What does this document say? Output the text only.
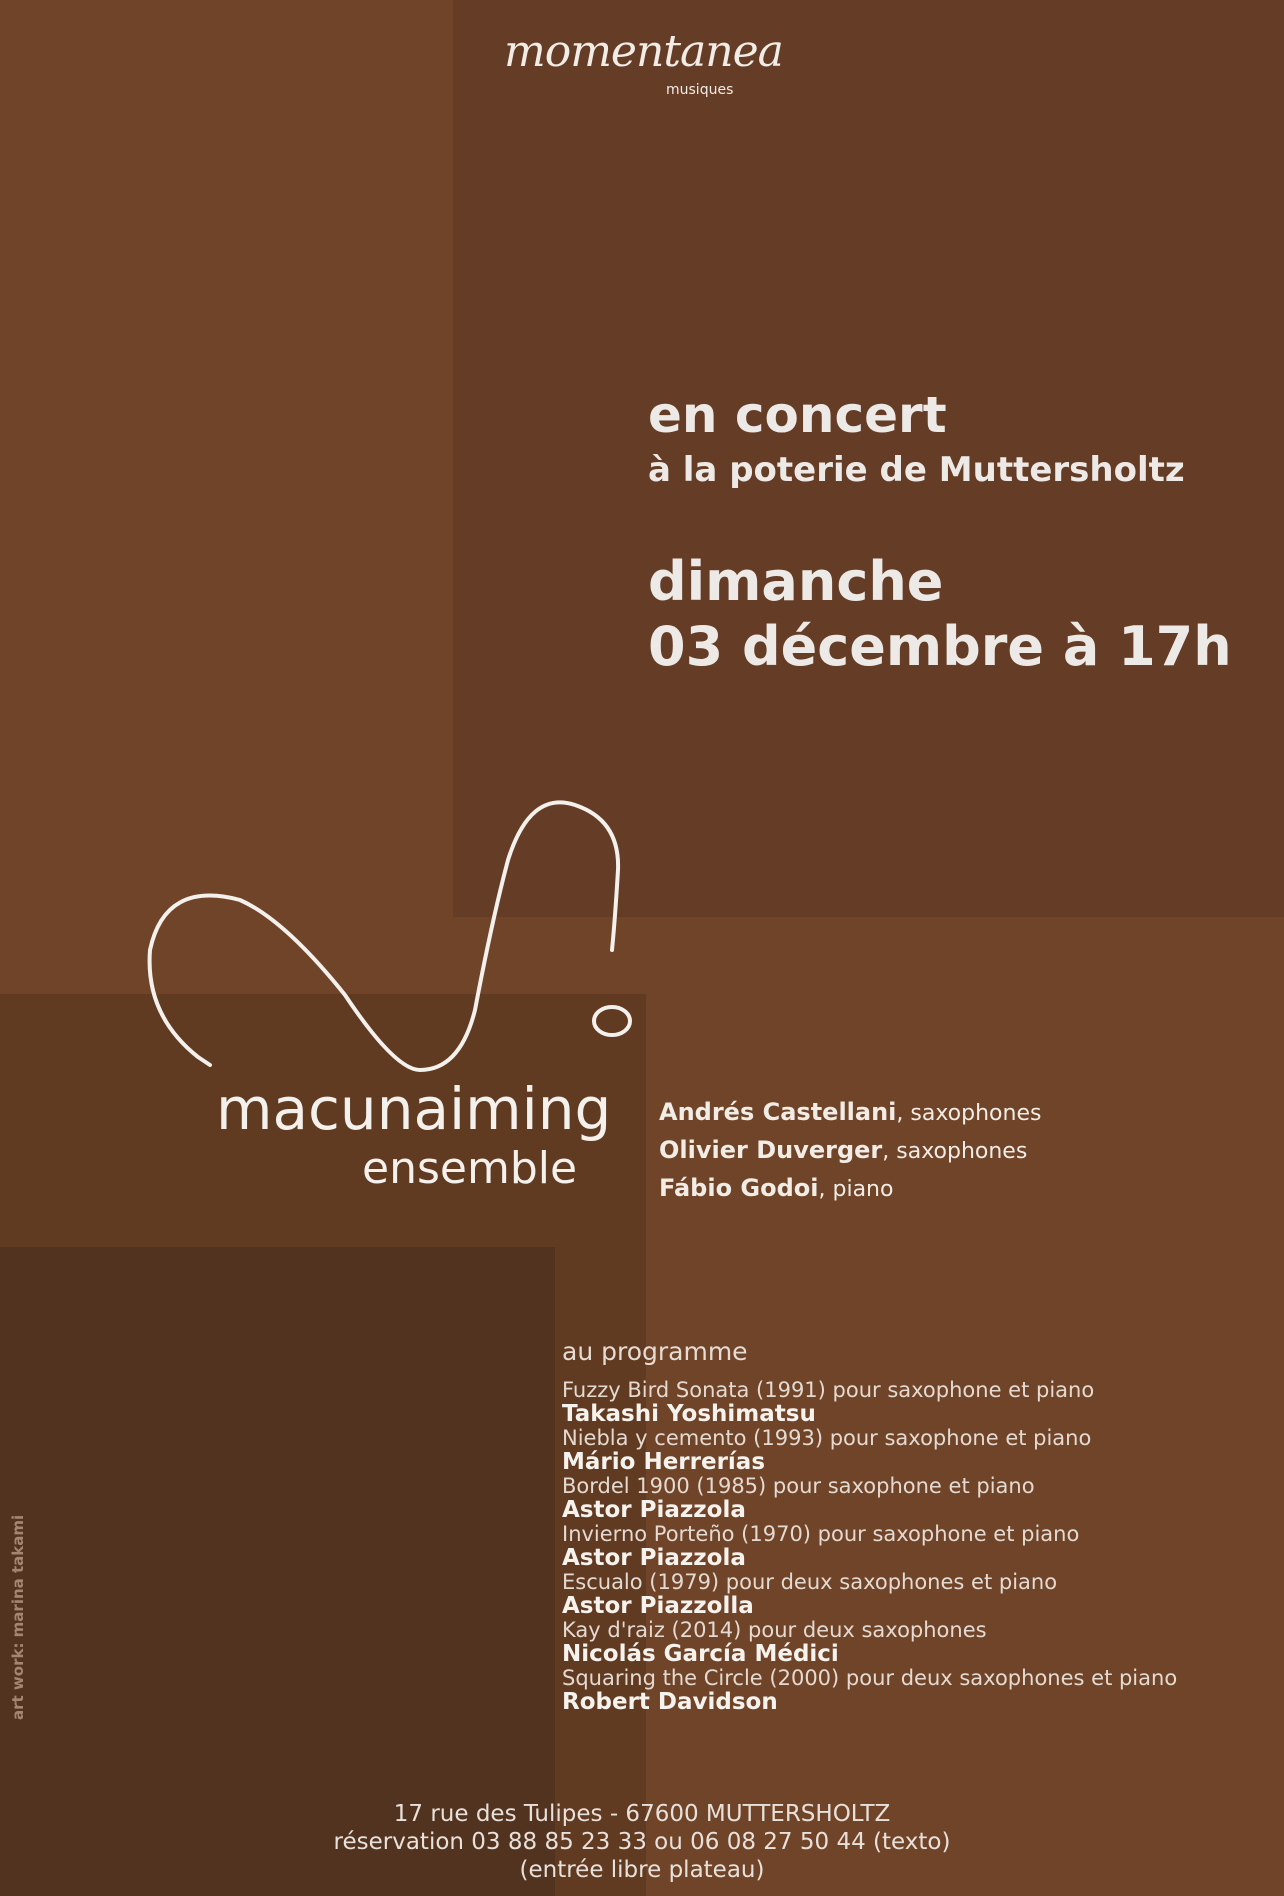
momentanea
musiques
en concert
à la poterie de Muttersholtz
dimanche
03 décembre à 17h
macunaiming
ensemble
Andrés Castellani, saxophones
Olivier Duverger, saxophones
Fábio Godoi, piano
au programme
Fuzzy Bird Sonata (1991) pour saxophone et piano
Takashi Yoshimatsu
Niebla y cemento (1993) pour saxophone et piano
Mário Herrerías
Bordel 1900 (1985) pour saxophone et piano
Astor Piazzola
Invierno Porteño (1970) pour saxophone et piano
Astor Piazzola
Escualo (1979) pour deux saxophones et piano
Astor Piazzolla
Kay d'raiz (2014) pour deux saxophones
Nicolás García Médici
Squaring the Circle (2000) pour deux saxophones et piano
Robert Davidson
art work: marina takami
17 rue des Tulipes - 67600 MUTTERSHOLTZ
réservation 03 88 85 23 33 ou 06 08 27 50 44 (texto)
(entrée libre plateau)
